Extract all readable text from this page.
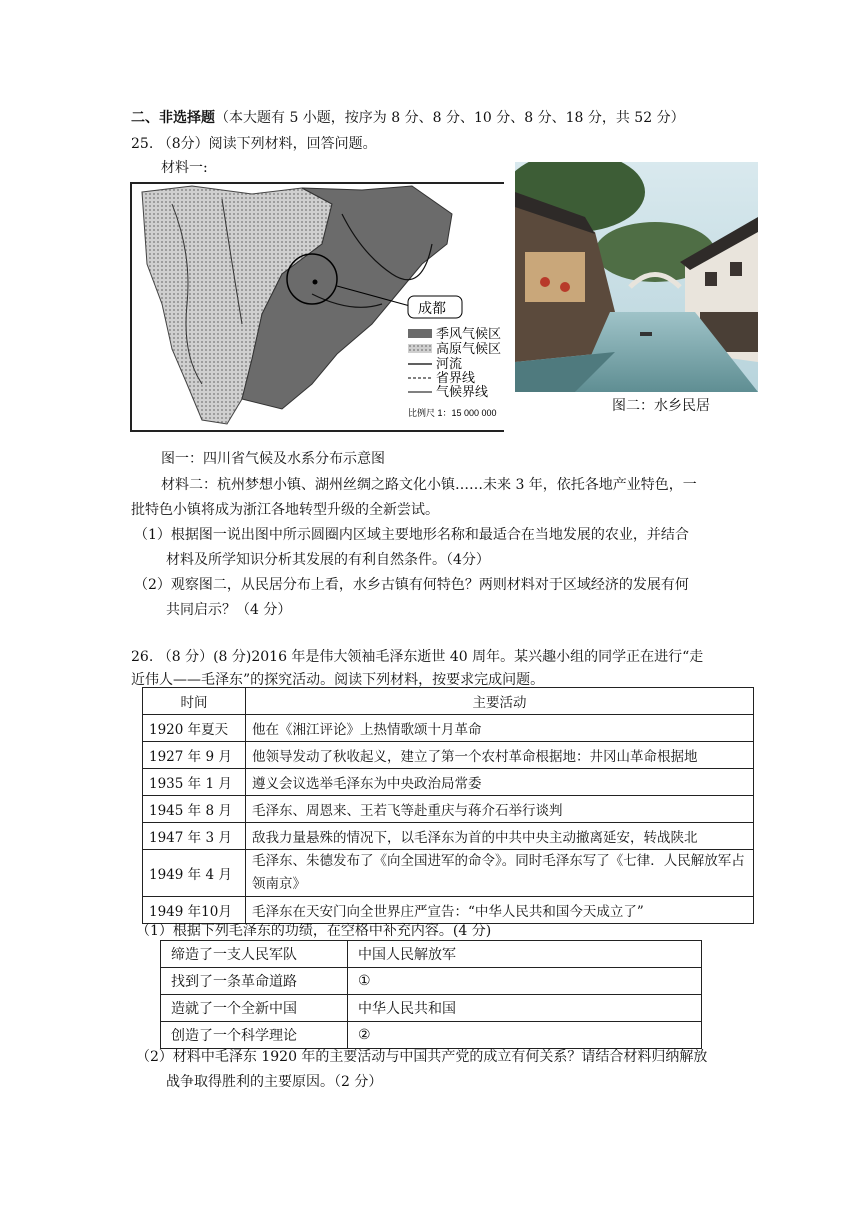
二、非选择题（本大题有 5 小题，按序为 8 分、8 分、10 分、8 分、18 分，共 52 分）
25. （8分）阅读下列材料，回答问题。
材料一:
成都
季风气候区
高原气候区
河流
省界线
气候界线
比例尺 1：15 000 000	图二：水乡民居
图一：四川省气候及水系分布示意图
材料二：杭州梦想小镇、湖州丝绸之路文化小镇……未来 3 年，依托各地产业特色，一
批特色小镇将成为浙江各地转型升级的全新尝试。
（1）根据图一说出图中所示圆圈内区域主要地形名称和最适合在当地发展的农业，并结合
材料及所学知识分析其发展的有利自然条件。（4分）
（2）观察图二，从民居分布上看，水乡古镇有何特色？两则材料对于区域经济的发展有何
共同启示？（4 分）
26. （8 分）(8 分)2016 年是伟大领袖毛泽东逝世 40 周年。某兴趣小组的同学正在进行“走
近伟人——毛泽东”的探究活动。阅读下列材料，按要求完成问题。
时间	主要活动
1920 年夏天	他在《湘江评论》上热情歌颂十月革命
1927 年 9 月	他领导发动了秋收起义，建立了第一个农村革命根据地：井冈山革命根据地
1935 年 1 月	遵义会议选举毛泽东为中央政治局常委
1945 年 8 月	毛泽东、周恩来、王若飞等赴重庆与蒋介石举行谈判
1947 年 3 月	敌我力量悬殊的情况下，以毛泽东为首的中共中央主动撤离延安，转战陕北
1949 年 4 月	毛泽东、朱德发布了《向全国进军的命令》。同时毛泽东写了《七律．人民解放军占领南京》
1949 年10月	毛泽东在天安门向全世界庄严宣告：“中华人民共和国今天成立了”
（1）根据下列毛泽东的功绩，在空格中补充内容。(4 分)
缔造了一支人民军队	中国人民解放军
找到了一条革命道路	①
造就了一个全新中国	中华人民共和国
创造了一个科学理论	②
（2）材料中毛泽东 1920 年的主要活动与中国共产党的成立有何关系？请结合材料归纳解放
战争取得胜利的主要原因。（2 分）
